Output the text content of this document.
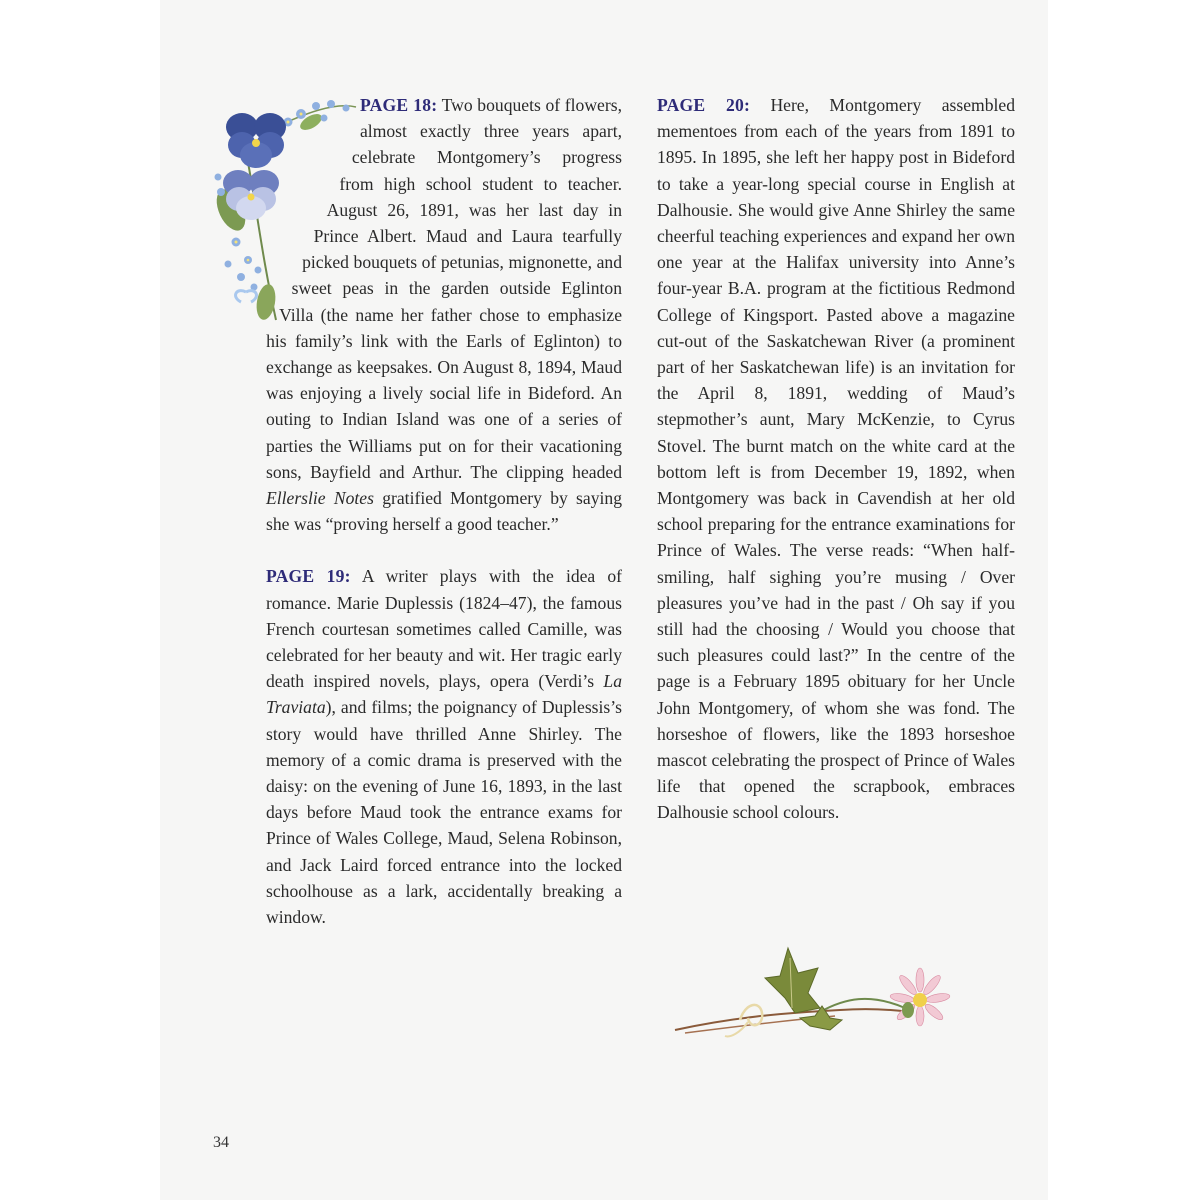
PAGE 18: Two bouquets of flowers, almost exactly three years apart, celebrate Montgomery’s progress from high school student to teacher. August 26, 1891, was her last day in Prince Albert. Maud and Laura tearfully picked bouquets of petunias, mignonette, and sweet peas in the garden outside Eglinton Villa (the name her father chose to emphasize his family’s link with the Earls of Eglinton) to exchange as keepsakes. On August 8, 1894, Maud was enjoying a lively social life in Bideford. An outing to Indian Island was one of a series of parties the Williams put on for their vacationing sons, Bayfield and Arthur. The clipping headed Ellerslie Notes gratified Montgomery by saying she was “proving herself a good teacher.”

PAGE 19: A writer plays with the idea of romance. Marie Duplessis (1824–47), the famous French courtesan sometimes called Camille, was celebrated for her beauty and wit. Her tragic early death inspired novels, plays, opera (Verdi’s La Traviata), and films; the poignancy of Duplessis’s story would have thrilled Anne Shirley. The memory of a comic drama is preserved with the daisy: on the evening of June 16, 1893, in the last days before Maud took the entrance exams for Prince of Wales College, Maud, Selena Robinson, and Jack Laird forced entrance into the locked schoolhouse as a lark, accidentally breaking a window.

PAGE 20: Here, Montgomery assembled mementoes from each of the years from 1891 to 1895. In 1895, she left her happy post in Bideford to take a year-long special course in English at Dalhousie. She would give Anne Shirley the same cheerful teaching experiences and expand her own one year at the Halifax university into Anne’s four-year B.A. program at the fictitious Redmond College of Kingsport. Pasted above a magazine cut-out of the Saskatchewan River (a prominent part of her Saskatchewan life) is an invitation for the April 8, 1891, wedding of Maud’s stepmother’s aunt, Mary McKenzie, to Cyrus Stovel. The burnt match on the white card at the bottom left is from December 19, 1892, when Montgomery was back in Cavendish at her old school preparing for the entrance examinations for Prince of Wales. The verse reads: “When half-smiling, half sighing you’re musing / Over pleasures you’ve had in the past / Oh say if you still had the choosing / Would you choose that such pleasures could last?” In the centre of the page is a February 1895 obituary for her Uncle John Montgomery, of whom she was fond. The horseshoe of flowers, like the 1893 horseshoe mascot celebrating the prospect of Prince of Wales life that opened the scrapbook, embraces Dalhousie school colours.

34
